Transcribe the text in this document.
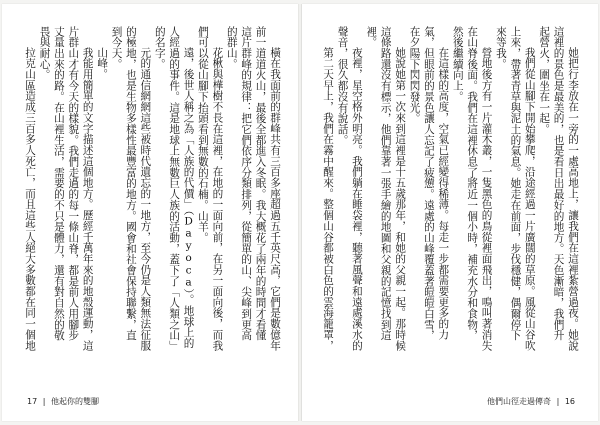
橫在我面前的群峰共有三百多座超過五千英尺高，它們是數億年前一道道火山，最後全都進入冬眠。我大概花了兩年的時間才看懂這片群峰的規律：把它們依序分類排列，從簡單的山、尖峰到更高的群山。

花楸與樺樹不長在這裡，在地的一面向前，在另一面向後，而我們可以從山腳下抬頭看到無數的石楠。山羊。

遠，後世人稱之為「人族的代價」（Dayoca）。地球上的人經過的事件。這是地球上無數巨人族的活動，蓋下了「人類之山」的名字。

元的通信網網這些被時代遺忘的一地方，至今仍是人類無法征服的極地，也是生物多樣性最豐富的地方。國會和社會保持聯繫，直到今天。

山峰。

我能用簡單的文字描述這個地方。歷經千萬年來的地殼運動，這片群山才有今天的樣貌。我們走過的每一條山脊，都是前人用腳步丈量出來的路。在山裡生活，需要的不只是體力，還有對自然的敬畏與耐心。

拉克山區造成三百多人死亡，而且這些人絕大多數都在同一個地

17 | 他起你的雙腳

她把行李放在一旁的一處高地上，讓我們在這裡紮營過夜。她說這裡的景色是最美的，也是看日出最好的地方。天色漸暗，我們升起營火，圍坐在一起。

我們從山腳下開始攀爬，沿途經過一片廣闊的草原。風從山谷吹上來，帶著青草與泥土的氣息。她走在前面，步伐穩健，偶爾停下來等我。

營地後方有一片灌木叢，一隻黑色的鳥從裡面飛出，鳴叫著消失在山脊後面。我們在這裡休息了將近一個小時，補充水分和食物，然後繼續向上。

在這樣的高度，空氣已經變得稀薄。每走一步都需要更多的力氣，但眼前的景色讓人忘記了疲憊。遠處的山峰覆蓋著皚皚白雪，在夕陽下閃閃發光。

她說她第一次來到這裡是十五歲那年，和她的父親一起。那時候這條路還沒有標示，他們靠著一張手繪的地圖和父親的記憶找到這裡。

夜裡，星空格外明亮。我們躺在睡袋裡，聽著風聲和遠處溪水的聲音，很久都沒有說話。

第二天早上，我們在霧中醒來。整個山谷都被白色的雲海籠罩，

他們山徑走過傳奇 | 16
